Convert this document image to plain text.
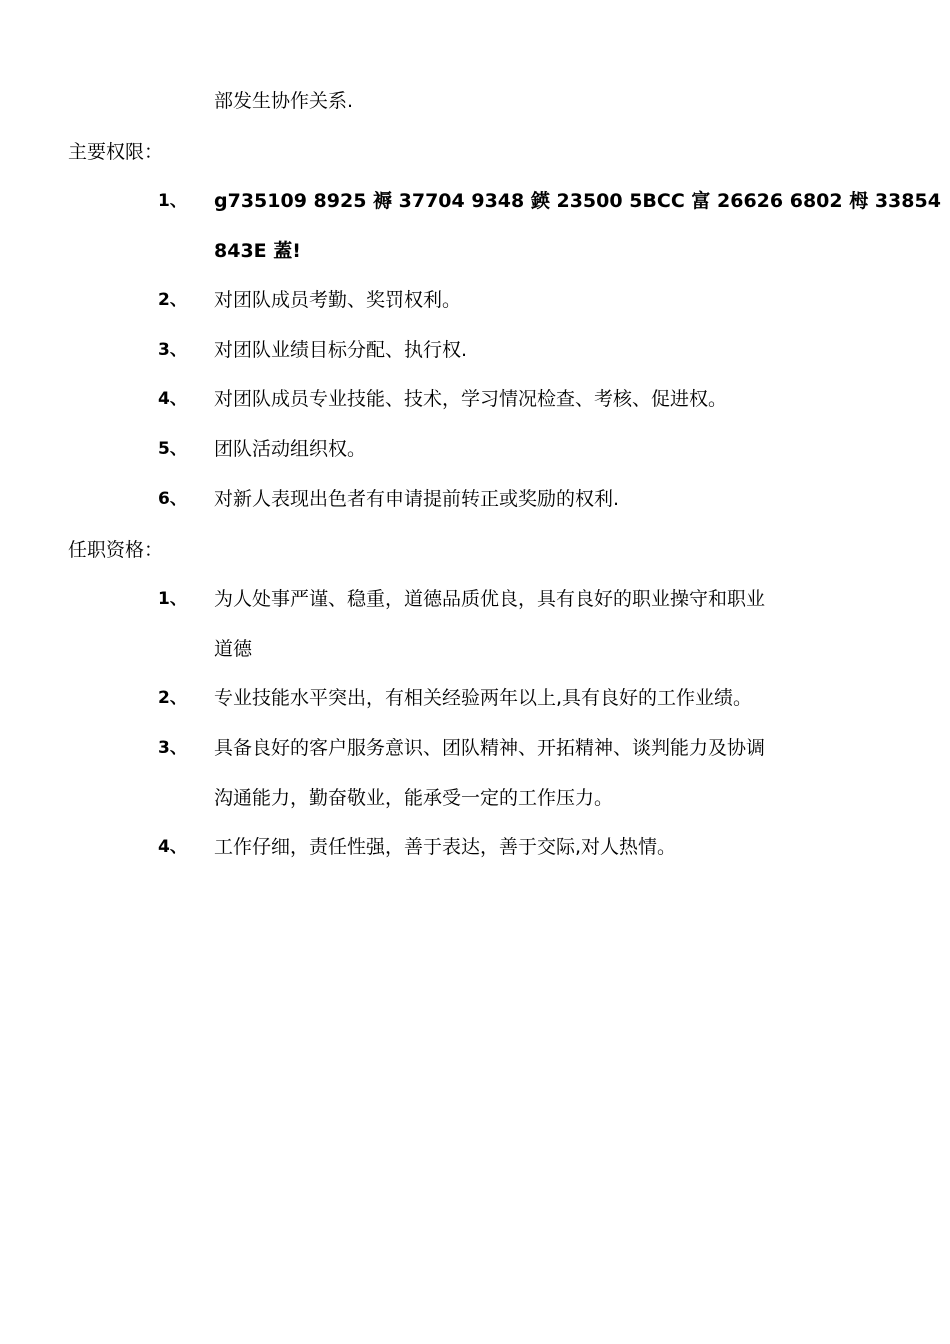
部发生协作关系.
主要权限：
1、 g735109 8925 褥 37704 9348 鍈 23500 5BCC 富 26626 6802 栂 33854
843E 蓋!
2、 对团队成员考勤、奖罚权利。
3、 对团队业绩目标分配、执行权.
4、 对团队成员专业技能、技术，学习情况检查、考核、促进权。
5、 团队活动组织权。
6、 对新人表现出色者有申请提前转正或奖励的权利.
任职资格：
1、 为人处事严谨、稳重，道德品质优良，具有良好的职业操守和职业
道德
2、 专业技能水平突出，有相关经验两年以上,具有良好的工作业绩。
3、 具备良好的客户服务意识、团队精神、开拓精神、谈判能力及协调
沟通能力，勤奋敬业，能承受一定的工作压力。
4、 工作仔细，责任性强，善于表达，善于交际,对人热情。
